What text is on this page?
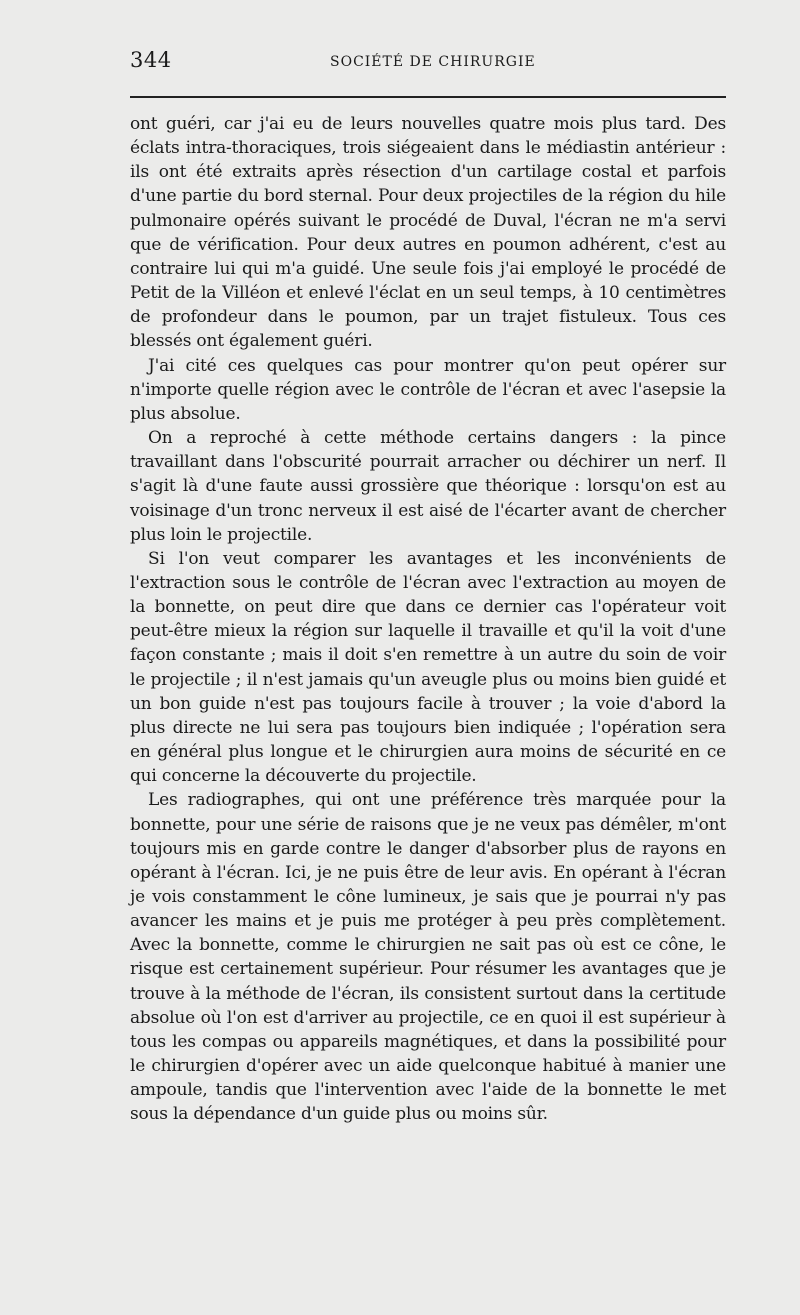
344	SOCIÉTÉ DE CHIRURGIE

ont guéri, car j'ai eu de leurs nouvelles quatre mois plus tard. Des éclats intra-thoraciques, trois siégeaient dans le médiastin antérieur : ils ont été extraits après résection d'un cartilage costal et parfois d'une partie du bord sternal. Pour deux projectiles de la région du hile pulmonaire opérés suivant le procédé de Duval, l'écran ne m'a servi que de vérification. Pour deux autres en poumon adhérent, c'est au contraire lui qui m'a guidé. Une seule fois j'ai employé le procédé de Petit de la Villéon et enlevé l'éclat en un seul temps, à 10 centimètres de profondeur dans le poumon, par un trajet fistuleux. Tous ces blessés ont également guéri.

J'ai cité ces quelques cas pour montrer qu'on peut opérer sur n'importe quelle région avec le contrôle de l'écran et avec l'asepsie la plus absolue.

On a reproché à cette méthode certains dangers : la pince travaillant dans l'obscurité pourrait arracher ou déchirer un nerf. Il s'agit là d'une faute aussi grossière que théorique : lorsqu'on est au voisinage d'un tronc nerveux il est aisé de l'écarter avant de chercher plus loin le projectile.

Si l'on veut comparer les avantages et les inconvénients de l'extraction sous le contrôle de l'écran avec l'extraction au moyen de la bonnette, on peut dire que dans ce dernier cas l'opérateur voit peut-être mieux la région sur laquelle il travaille et qu'il la voit d'une façon constante ; mais il doit s'en remettre à un autre du soin de voir le projectile ; il n'est jamais qu'un aveugle plus ou moins bien guidé et un bon guide n'est pas toujours facile à trouver ; la voie d'abord la plus directe ne lui sera pas toujours bien indiquée ; l'opération sera en général plus longue et le chirurgien aura moins de sécurité en ce qui concerne la découverte du projectile.

Les radiographes, qui ont une préférence très marquée pour la bonnette, pour une série de raisons que je ne veux pas démêler, m'ont toujours mis en garde contre le danger d'absorber plus de rayons en opérant à l'écran. Ici, je ne puis être de leur avis. En opérant à l'écran je vois constamment le cône lumineux, je sais que je pourrai n'y pas avancer les mains et je puis me protéger à peu près complètement. Avec la bonnette, comme le chirurgien ne sait pas où est ce cône, le risque est certainement supérieur. Pour résumer les avantages que je trouve à la méthode de l'écran, ils consistent surtout dans la certitude absolue où l'on est d'arriver au projectile, ce en quoi il est supérieur à tous les compas ou appareils magnétiques, et dans la possibilité pour le chirurgien d'opérer avec un aide quelconque habitué à manier une ampoule, tandis que l'intervention avec l'aide de la bonnette le met sous la dépendance d'un guide plus ou moins sûr.
